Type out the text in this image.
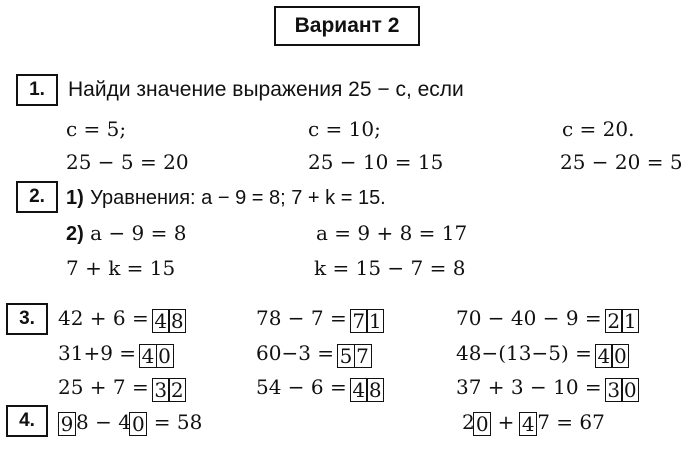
Вариант 2
1.	Найди значение выражения 25 − c, если
c = 5;	c = 10;	c = 20.
25 − 5 = 20	25 − 10 = 15	25 − 20 = 5
2.	1) Уравнения: a − 9 = 8; 7 + k = 15.
2) a − 9 = 8	a = 9 + 8 = 17
7 + k = 15	k = 15 − 7 = 8
3.	42 + 6 = 4 8	78 − 7 = 7 1	70 − 40 − 9 = 2 1
31+9 = 4 0	60−3 = 5 7	48−(13−5) = 4 0
25 + 7 = 3 2	54 − 6 = 4 8	37 + 3 − 10 = 3 0
4.	9 8 − 40 = 58	20 + 4 7 = 67
